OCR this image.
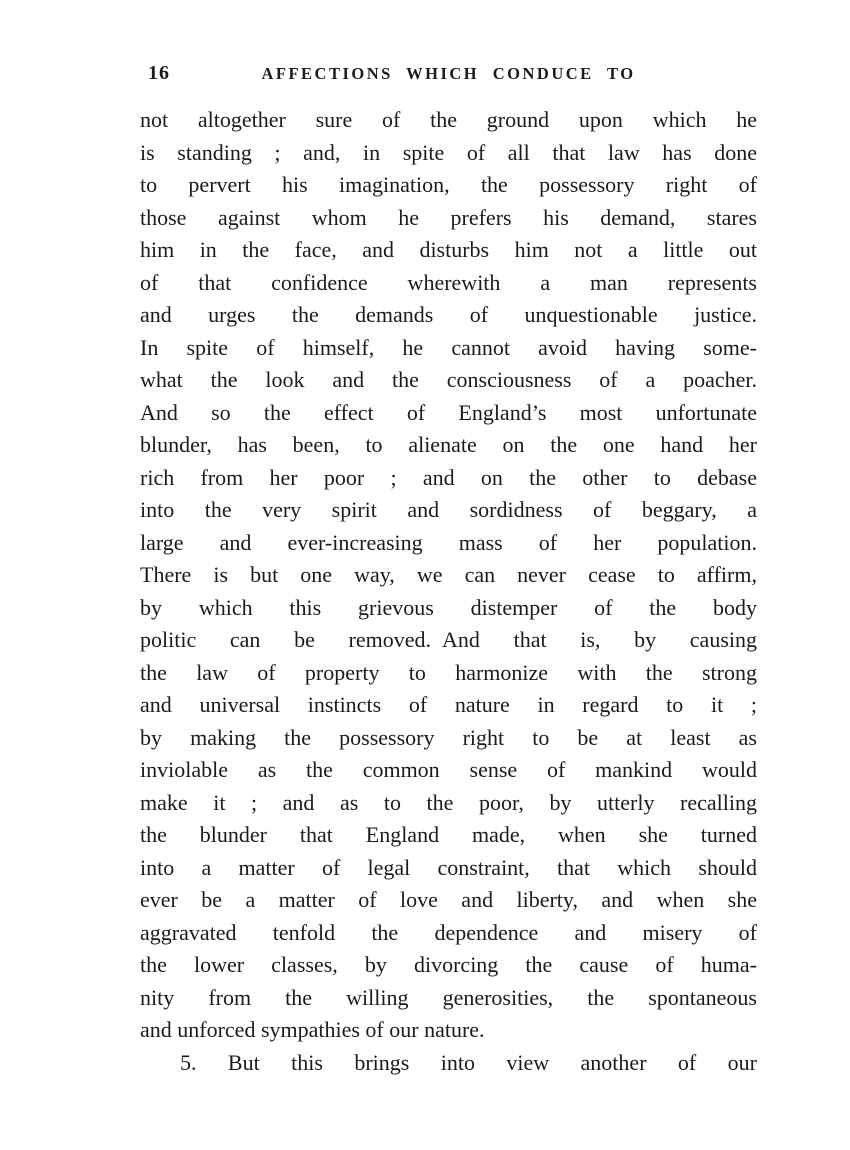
16	AFFECTIONS WHICH CONDUCE TO
not altogether sure of the ground upon which he
is standing ; and, in spite of all that law has done
to pervert his imagination, the possessory right of
those against whom he prefers his demand, stares
him in the face, and disturbs him not a little out
of that confidence wherewith a man represents
and urges the demands of unquestionable justice.
In spite of himself, he cannot avoid having some-
what the look and the consciousness of a poacher.
And so the effect of England’s most unfortunate
blunder, has been, to alienate on the one hand her
rich from her poor ; and on the other to debase
into the very spirit and sordidness of beggary, a
large and ever-increasing mass of her population.
There is but one way, we can never cease to affirm,
by which this grievous distemper of the body
politic can be removed. And that is, by causing
the law of property to harmonize with the strong
and universal instincts of nature in regard to it ;
by making the possessory right to be at least as
inviolable as the common sense of mankind would
make it ; and as to the poor, by utterly recalling
the blunder that England made, when she turned
into a matter of legal constraint, that which should
ever be a matter of love and liberty, and when she
aggravated tenfold the dependence and misery of
the lower classes, by divorcing the cause of huma-
nity from the willing generosities, the spontaneous
and unforced sympathies of our nature.
5. But this brings into view another of our
